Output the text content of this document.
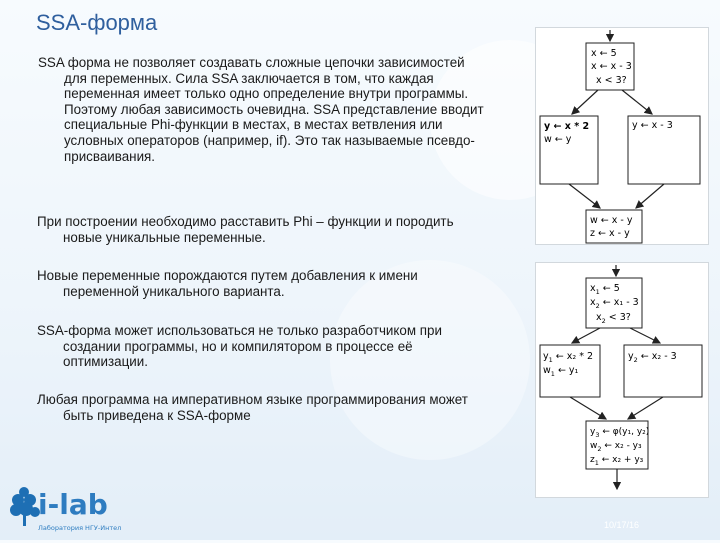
SSA-форма

SSA форма не позволяет создавать сложные цепочки зависимостей для переменных. Сила SSA заключается в том, что каждая переменная имеет только одно определение внутри программы. Поэтому любая зависимость очевидна. SSA представление вводит специальные Phi-функции в местах, в местах ветвления или условных операторов (например, if). Это так называемые псевдо-присваивания.

При построении необходимо расставить Phi – функции и породить новые уникальные переменные.

Новые переменные порождаются путем добавления к имени переменной уникального варианта.

SSA-форма может использоваться не только разработчиком при создании программы, но и компилятором в процессе её оптимизации.

Любая программа на императивном языке программирования может быть приведена к SSA-форме

x ← 5
x ← x - 3
x < 3?
y ← x * 2
w ← y
y ← x - 3
w ← x - y
z ← x - y
$x_1$ ← 5
$x_2$ ← x₁ - 3
$x_2 < 3$?
$y_1$ ← x₂ * 2
$w_1$ ← y₁
$y_2$ ← x₂ - 3
$y_3$ ← φ(y₁, y₂)
$w_2$ ← x₂ - y₃
$z_1$ ← x₂ + y₃
i-lab
Лаборатория НГУ-Интел	10/17/16
